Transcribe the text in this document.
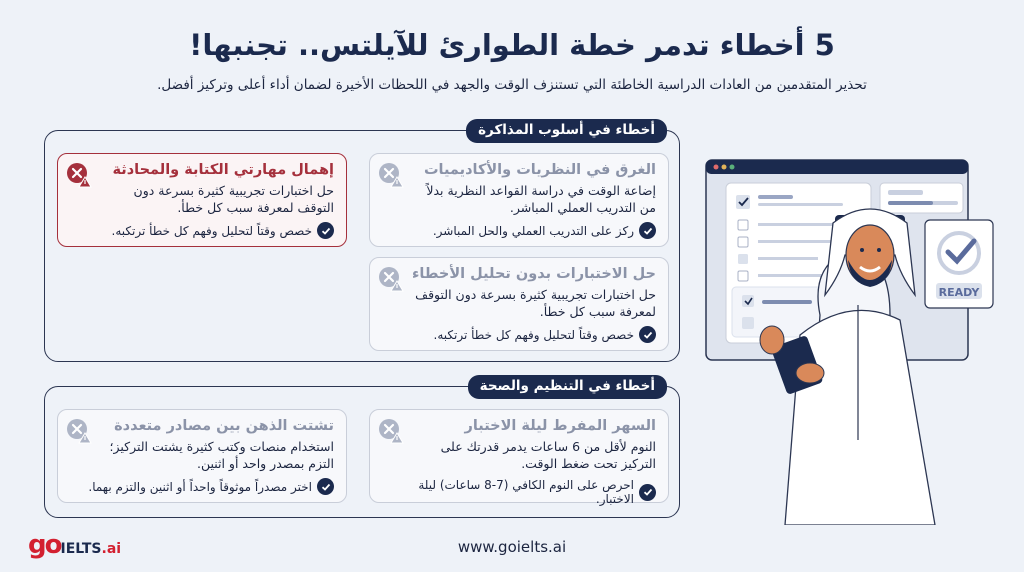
5 أخطاء تدمر خطة الطوارئ للآيلتس.. تجنبها!
تحذير المتقدمين من العادات الدراسية الخاطئة التي تستنزف الوقت والجهد في اللحظات الأخيرة لضمان أداء أعلى وتركيز أفضل.
أخطاء في أسلوب المذاكرة
الغرق في النظريات والأكاديميات
إضاعة الوقت في دراسة القواعد النظرية بدلاً من التدريب العملي المباشر.
ركز على التدريب العملي والحل المباشر.
إهمال مهارتي الكتابة والمحادثة
حل اختبارات تجريبية كثيرة بسرعة دون التوقف لمعرفة سبب كل خطأ.
خصص وقتاً لتحليل وفهم كل خطأ ترتكبه.
حل الاختبارات بدون تحليل الأخطاء
حل اختبارات تجريبية كثيرة بسرعة دون التوقف لمعرفة سبب كل خطأ.
خصص وقتاً لتحليل وفهم كل خطأ ترتكبه.
أخطاء في التنظيم والصحة
السهر المفرط ليلة الاختبار
النوم لأقل من 6 ساعات يدمر قدرتك على التركيز تحت ضغط الوقت.
احرص على النوم الكافي (7-8 ساعات) ليلة الاختبار.
تشتت الذهن بين مصادر متعددة
استخدام منصات وكتب كثيرة يشتت التركيز؛ التزم بمصدر واحد أو اثنين.
اختر مصدراً موثوقاً واحداً أو اثنين والتزم بهما.
READY
goIELTS.ai	www.goielts.ai
